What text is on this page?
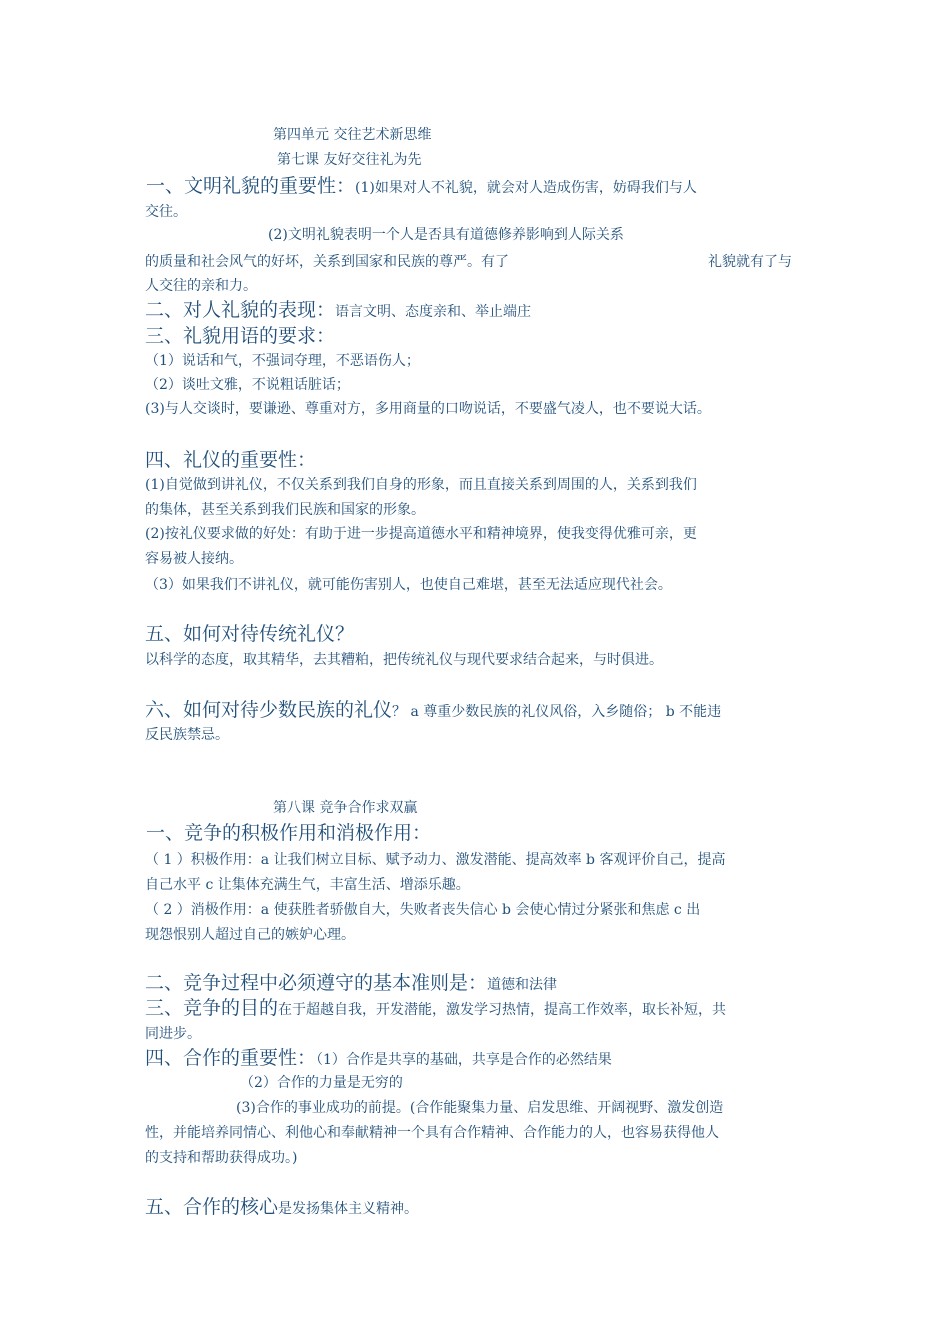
第四单元 交往艺术新思维
第七课 友好交往礼为先
一、文明礼貌的重要性：(1)如果对人不礼貌，就会对人造成伤害，妨碍我们与人
交往。
(2)文明礼貌表明一个人是否具有道德修养影响到人际关系
的质量和社会风气的好坏，关系到国家和民族的尊严。有了	礼貌就有了与
人交往的亲和力。
二、对人礼貌的表现：语言文明、态度亲和、举止端庄
三、礼貌用语的要求：
（1）说话和气，不强词夺理，不恶语伤人；
（2）谈吐文雅，不说粗话脏话；
(3)与人交谈时，要谦逊、尊重对方，多用商量的口吻说话，不要盛气凌人，也不要说大话。
四、礼仪的重要性：
(1)自觉做到讲礼仪，不仅关系到我们自身的形象，而且直接关系到周围的人，关系到我们
的集体，甚至关系到我们民族和国家的形象。
(2)按礼仪要求做的好处：有助于进一步提高道德水平和精神境界，使我变得优雅可亲，更
容易被人接纳。
（3）如果我们不讲礼仪，就可能伤害别人，也使自己难堪，甚至无法适应现代社会。
五、如何对待传统礼仪？
以科学的态度，取其精华，去其糟粕，把传统礼仪与现代要求结合起来，与时俱进。
六、如何对待少数民族的礼仪？ a 尊重少数民族的礼仪风俗，入乡随俗； b 不能违
反民族禁忌。
第八课 竞争合作求双赢
一、竞争的积极作用和消极作用：
（ 1 ）积极作用：a 让我们树立目标、赋予动力、激发潜能、提高效率 b 客观评价自己，提高
自己水平 c 让集体充满生气，丰富生活、增添乐趣。
（ 2 ）消极作用：a 使获胜者骄傲自大，失败者丧失信心 b 会使心情过分紧张和焦虑 c 出
现怨恨别人超过自己的嫉妒心理。
二、竞争过程中必须遵守的基本准则是：道德和法律
三、竞争的目的在于超越自我，开发潜能，激发学习热情，提高工作效率，取长补短，共
同进步。
四、合作的重要性：（1）合作是共享的基础，共享是合作的必然结果
（2）合作的力量是无穷的
(3)合作的事业成功的前提。(合作能聚集力量、启发思维、开阔视野、激发创造
性，并能培养同情心、利他心和奉献精神一个具有合作精神、合作能力的人，也容易获得他人
的支持和帮助获得成功。)
五、合作的核心是发扬集体主义精神。
